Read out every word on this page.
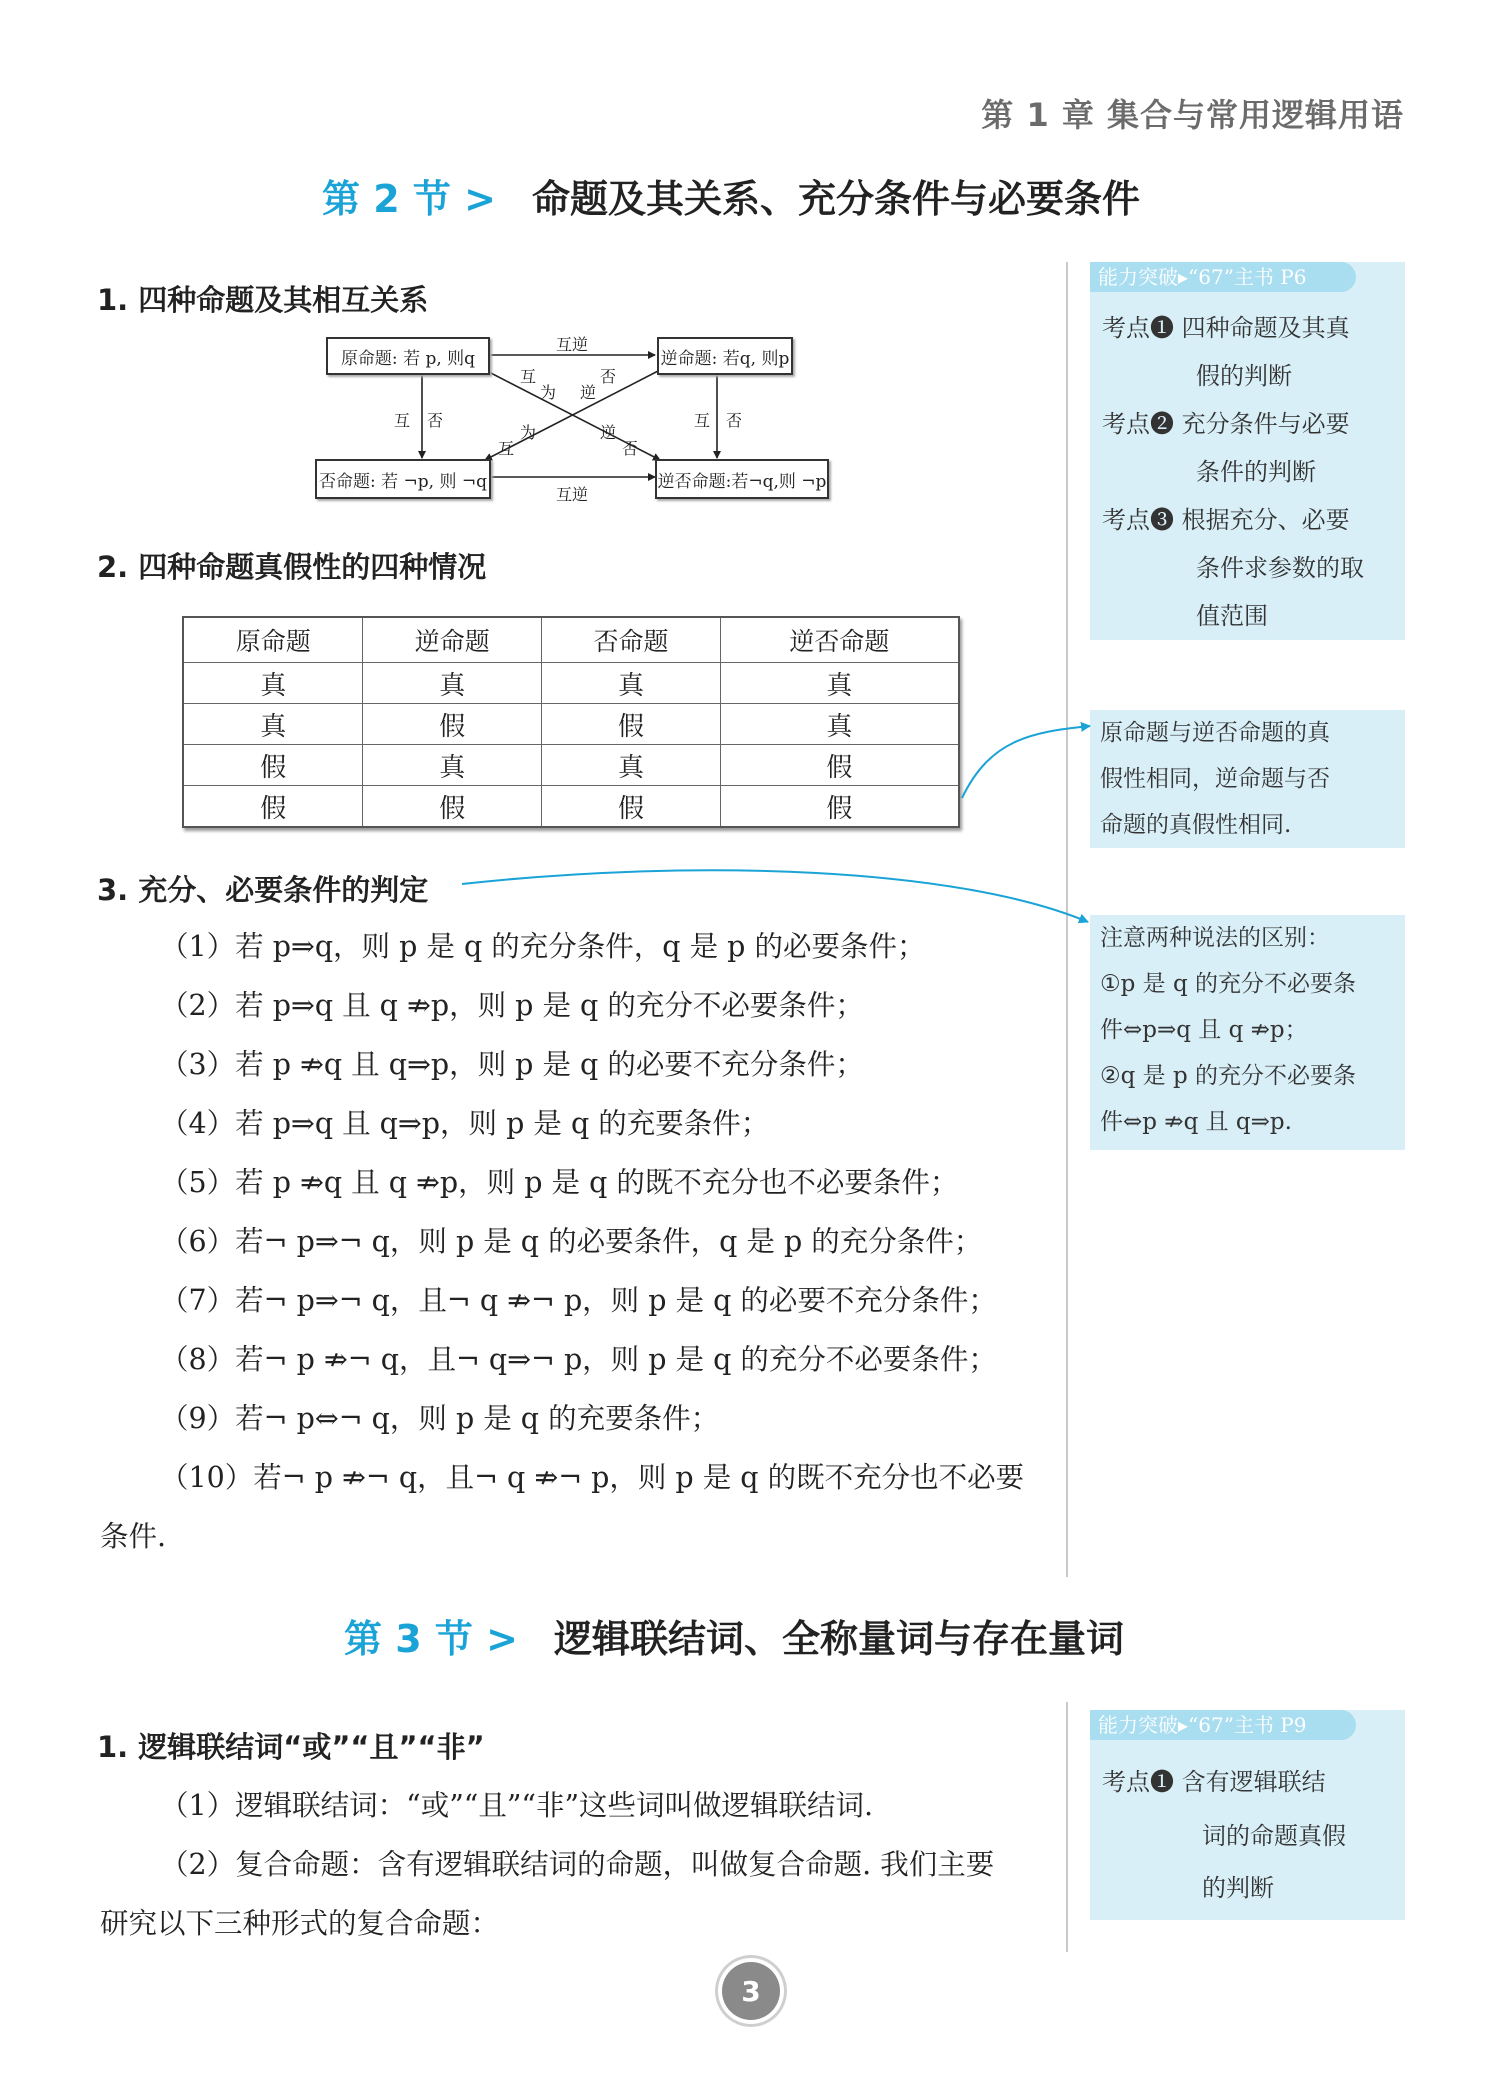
第 1 章 集合与常用逻辑用语
第 2 节 > 命题及其关系、充分条件与必要条件
1. 四种命题及其相互关系
原命题: 若 p, 则q	逆命题: 若q, 则p
否命题: 若 ¬p, 则 ¬q	逆否命题:若¬q,则 ¬p
互逆
互逆
互 否	互 否
互
为 逆
否
互
为	逆
否
2. 四种命题真假性的四种情况
原命题	逆命题	否命题	逆否命题
真	真	真	真
真	假	假	真
假	真	真	假
假	假	假	假
3. 充分、必要条件的判定
（1）若 p⇒q，则 p 是 q 的充分条件，q 是 p 的必要条件；
（2）若 p⇒q 且 q ⇏p，则 p 是 q 的充分不必要条件；
（3）若 p ⇏q 且 q⇒p，则 p 是 q 的必要不充分条件；
（4）若 p⇒q 且 q⇒p，则 p 是 q 的充要条件；
（5）若 p ⇏q 且 q ⇏p，则 p 是 q 的既不充分也不必要条件；
（6）若¬ p⇒¬ q，则 p 是 q 的必要条件，q 是 p 的充分条件；
（7）若¬ p⇒¬ q，且¬ q ⇏¬ p，则 p 是 q 的必要不充分条件；
（8）若¬ p ⇏¬ q，且¬ q⇒¬ p，则 p 是 q 的充分不必要条件；
（9）若¬ p⇔¬ q，则 p 是 q 的充要条件；
（10）若¬ p ⇏¬ q，且¬ q ⇏¬ p，则 p 是 q 的既不充分也不必要
条件.
能力突破▸“67”主书 P6
考点❶ 四种命题及其真
假的判断
考点❷ 充分条件与必要
条件的判断
考点❸ 根据充分、必要
条件求参数的取
值范围
原命题与逆否命题的真
假性相同，逆命题与否
命题的真假性相同.
注意两种说法的区别：
①p 是 q 的充分不必要条
件⇔p⇒q 且 q ⇏p；
②q 是 p 的充分不必要条
件⇔p ⇏q 且 q⇒p.
第 3 节 > 逻辑联结词、全称量词与存在量词
1. 逻辑联结词“或”“且”“非”
（1）逻辑联结词：“或”“且”“非”这些词叫做逻辑联结词.
（2）复合命题：含有逻辑联结词的命题，叫做复合命题. 我们主要
研究以下三种形式的复合命题：
能力突破▸“67”主书 P9
考点❶ 含有逻辑联结
词的命题真假
的判断
3
